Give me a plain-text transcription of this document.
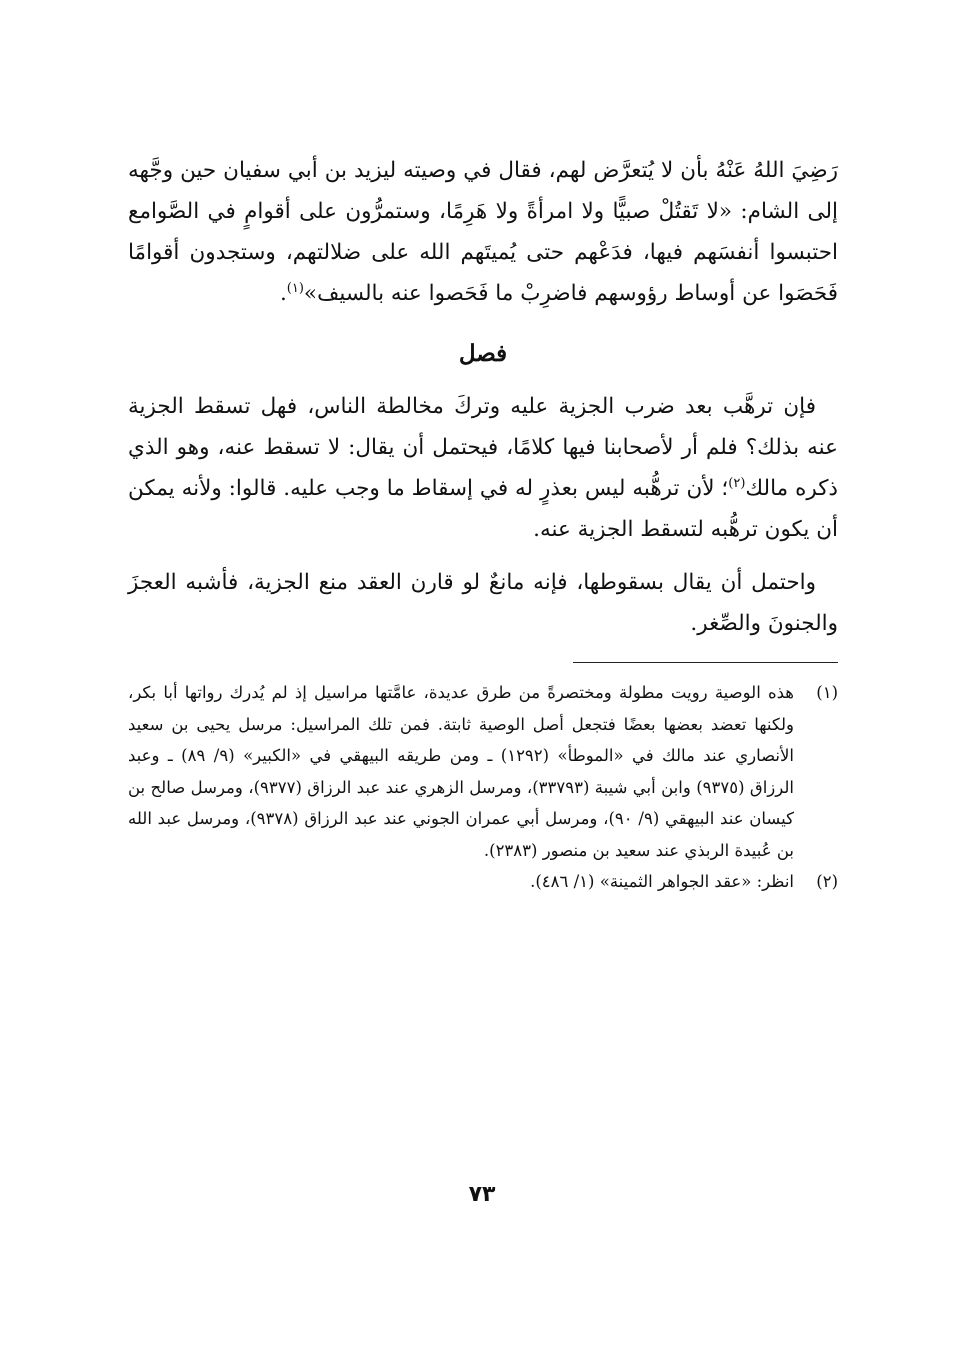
رَضِيَ اللهُ عَنْهُ بأن لا يُتعرَّض لهم، فقال في وصيته ليزيد بن أبي سفيان حين وجَّهه إلى الشام: «لا تَقتُلْ صبيًّا ولا امرأةً ولا هَرِمًا، وستمرُّون على أقوامٍ في الصَّوامع احتبسوا أنفسَهم فيها، فدَعْهم حتى يُميتَهم الله على ضلالتهم، وستجدون أقوامًا فَحَصَوا عن أوساط رؤوسهم فاضرِبْ ما فَحَصوا عنه بالسيف»$^{(١)}$.

فصل

فإن ترهَّب بعد ضرب الجزية عليه وتركَ مخالطة الناس، فهل تسقط الجزية عنه بذلك؟ فلم أر لأصحابنا فيها كلامًا، فيحتمل أن يقال: لا تسقط عنه، وهو الذي ذكره مالك$^{(٢)}$؛ لأن ترهُّبه ليس بعذرٍ له في إسقاط ما وجب عليه. قالوا: ولأنه يمكن أن يكون ترهُّبه لتسقط الجزية عنه.

واحتمل أن يقال بسقوطها، فإنه مانعٌ لو قارن العقد منع الجزية، فأشبه العجزَ والجنونَ والصِّغر.

(١)
هذه الوصية رويت مطولة ومختصرةً من طرق عديدة، عامَّتها مراسيل إذ لم يُدرك رواتها أبا بكر، ولكنها تعضد بعضها بعضًا فتجعل أصل الوصية ثابتة. فمن تلك المراسيل: مرسل يحيى بن سعيد الأنصاري عند مالك في «الموطأ» (١٢٩٢) ـ ومن طريقه البيهقي في «الكبير» (٩/ ٨٩) ـ وعبد الرزاق (٩٣٧٥) وابن أبي شيبة (٣٣٧٩٣)، ومرسل الزهري عند عبد الرزاق (٩٣٧٧)، ومرسل صالح بن كيسان عند البيهقي (٩/ ٩٠)، ومرسل أبي عمران الجوني عند عبد الرزاق (٩٣٧٨)، ومرسل عبد الله بن عُبيدة الربذي عند سعيد بن منصور (٢٣٨٣).
(٢)
انظر: «عقد الجواهر الثمينة» (١/ ٤٨٦).
٧٣
